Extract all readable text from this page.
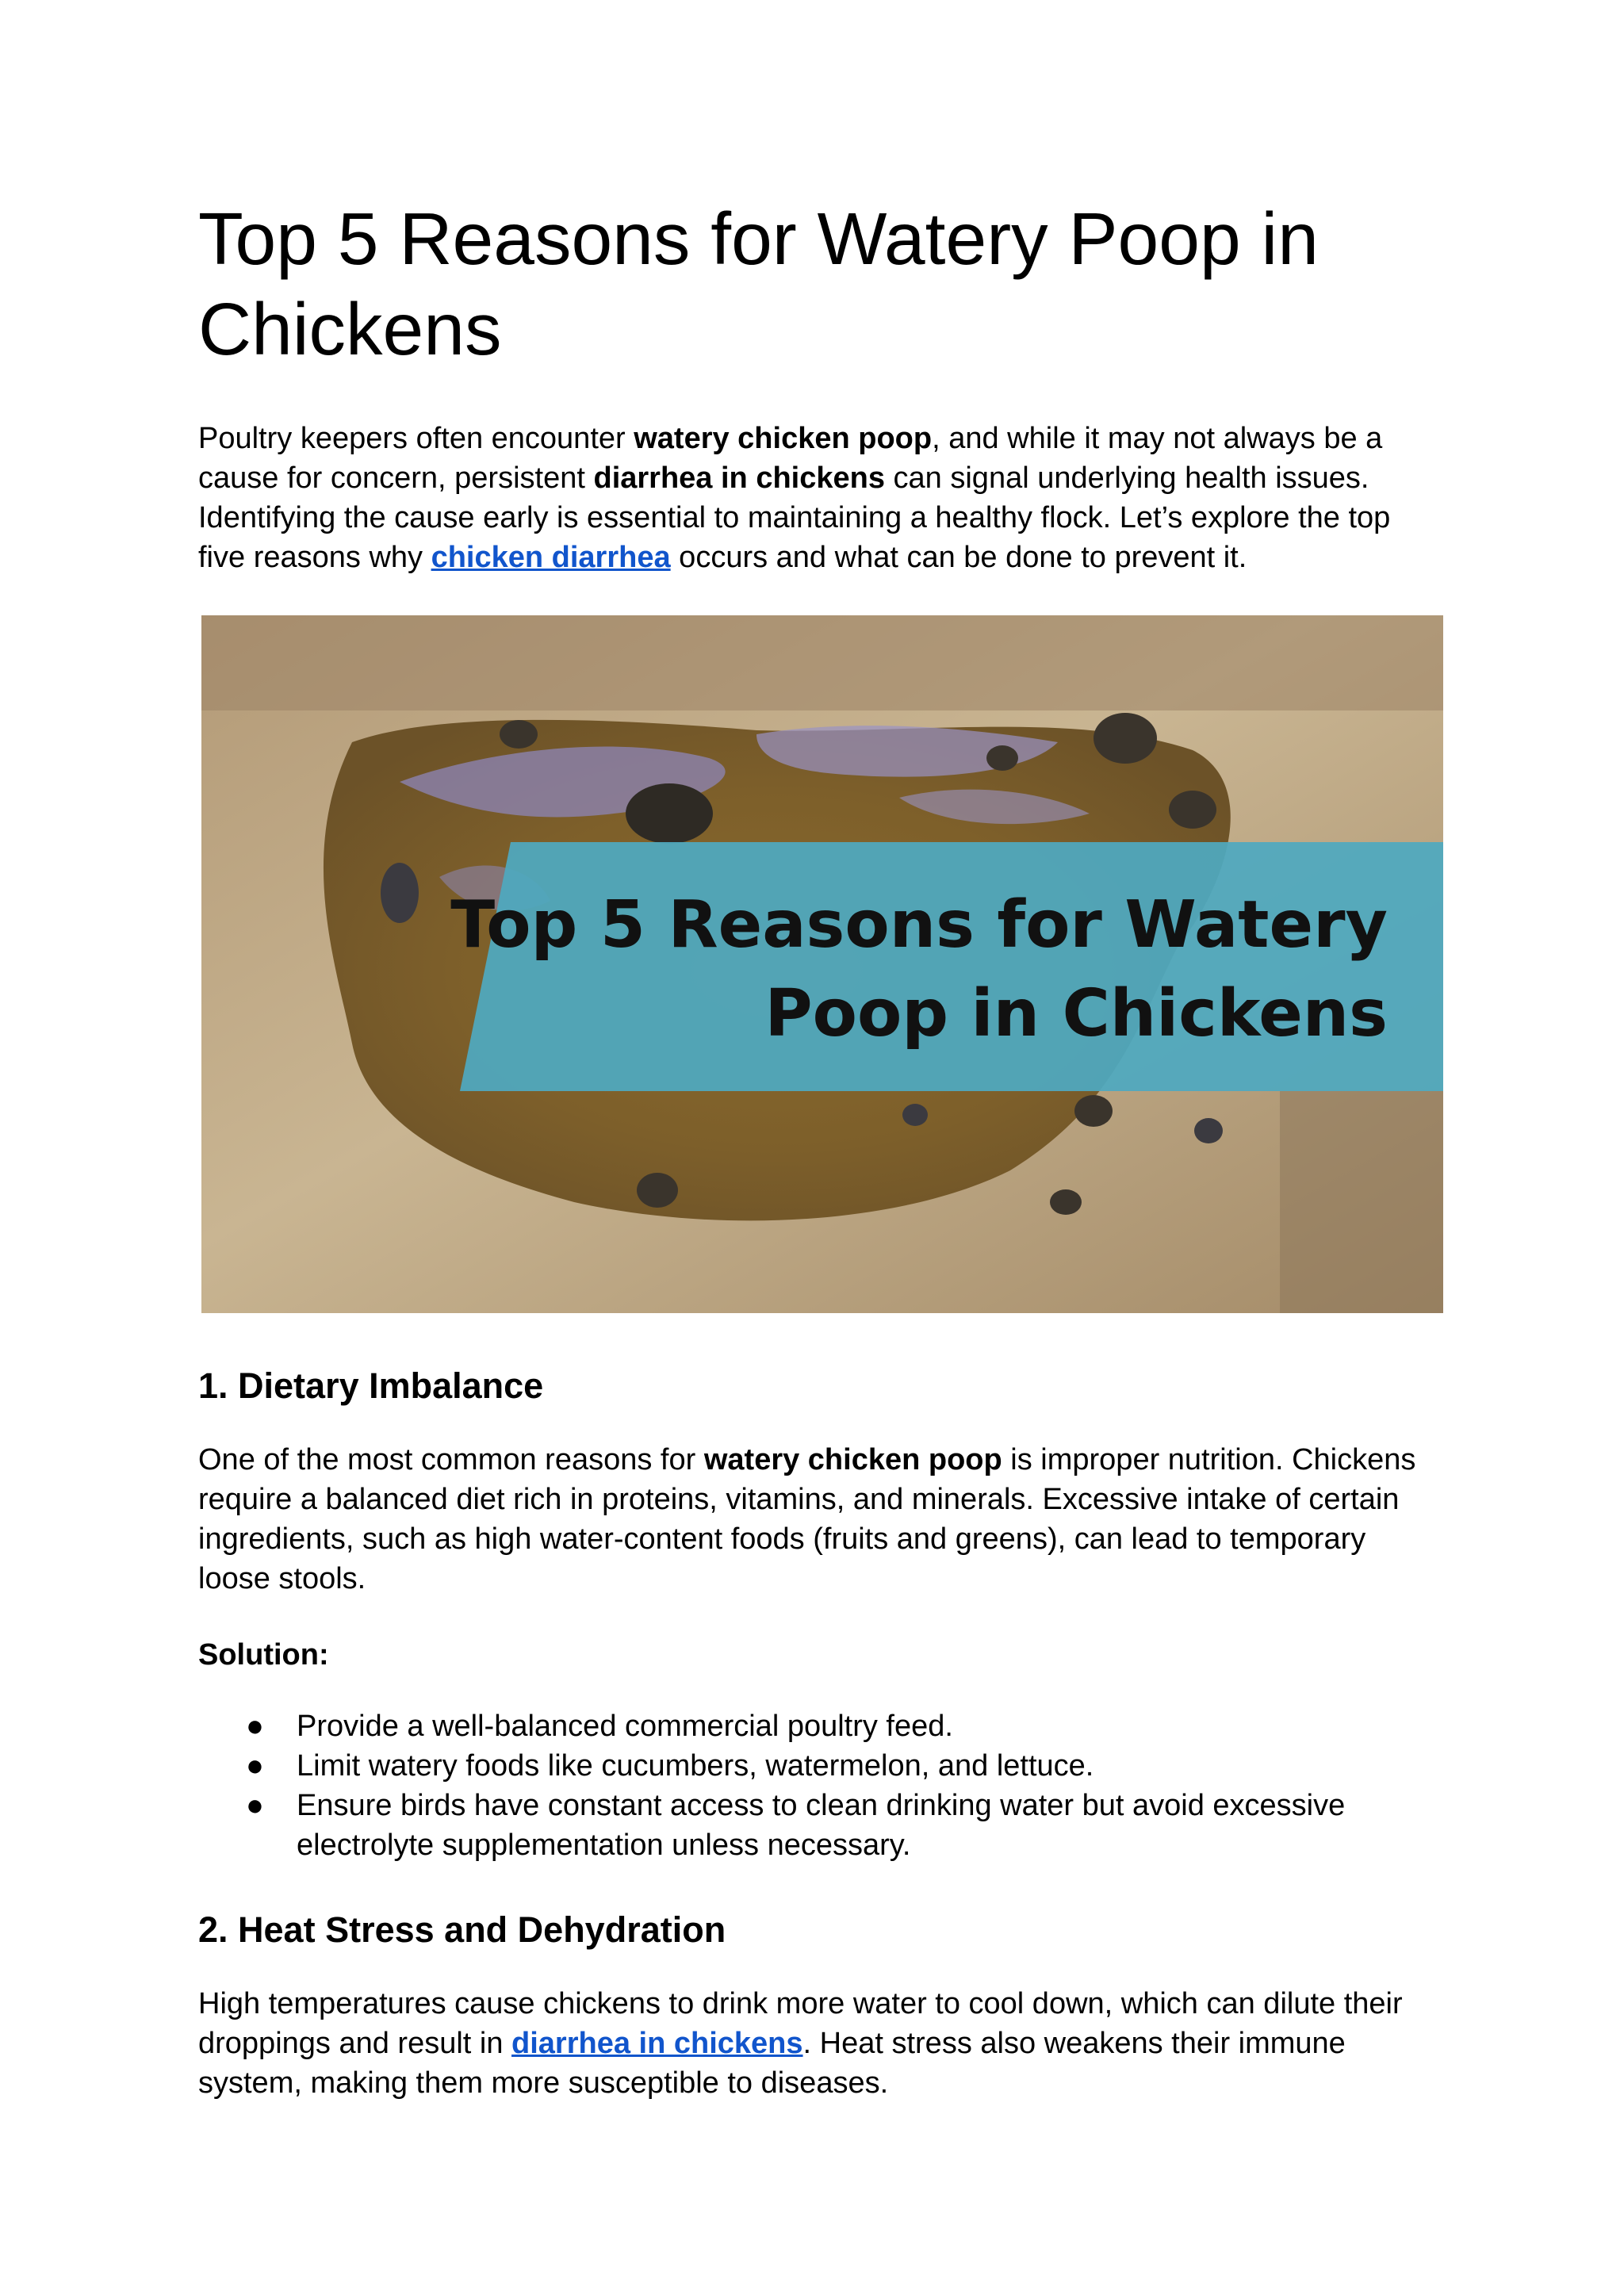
Top 5 Reasons for Watery Poop in Chickens

Poultry keepers often encounter watery chicken poop, and while it may not always be a cause for concern, persistent diarrhea in chickens can signal underlying health issues. Identifying the cause early is essential to maintaining a healthy flock. Let’s explore the top five reasons why chicken diarrhea occurs and what can be done to prevent it.

Top 5 Reasons for Watery
Poop in Chickens
1. Dietary Imbalance

One of the most common reasons for watery chicken poop is improper nutrition. Chickens require a balanced diet rich in proteins, vitamins, and minerals. Excessive intake of certain ingredients, such as high water-content foods (fruits and greens), can lead to temporary loose stools.

Solution:

● Provide a well-balanced commercial poultry feed.
● Limit watery foods like cucumbers, watermelon, and lettuce.
● Ensure birds have constant access to clean drinking water but avoid excessive electrolyte supplementation unless necessary.
2. Heat Stress and Dehydration

High temperatures cause chickens to drink more water to cool down, which can dilute their droppings and result in diarrhea in chickens. Heat stress also weakens their immune system, making them more susceptible to diseases.
